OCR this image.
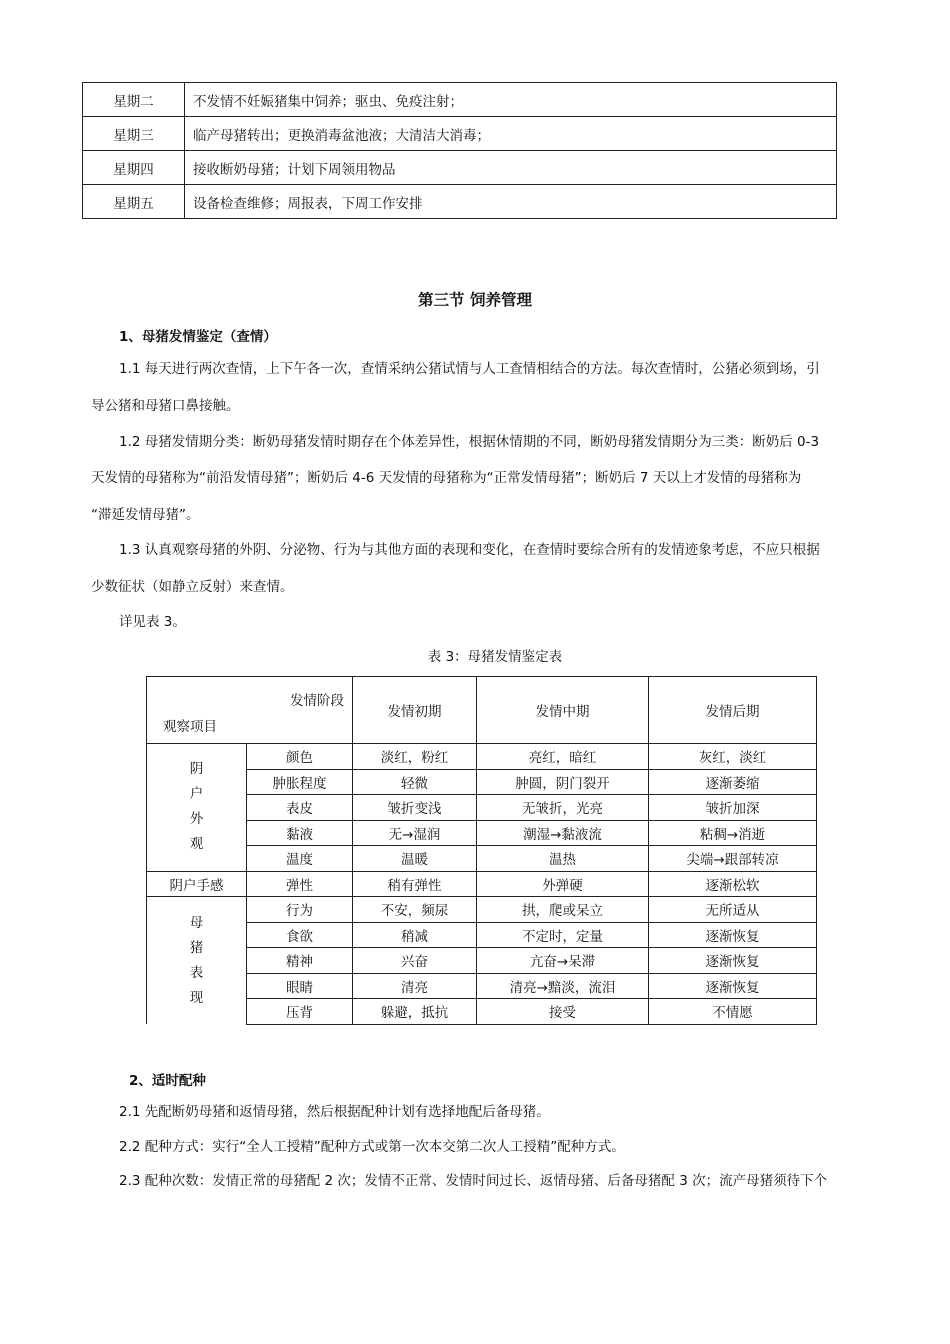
星期二	不发情不妊娠猪集中饲养；驱虫、免疫注射；
星期三	临产母猪转出；更换消毒盆池液；大清洁大消毒；
星期四	接收断奶母猪；计划下周领用物品
星期五	设备检查维修；周报表，下周工作安排
第三节 饲养管理
1、母猪发情鉴定（查情）
1.1 每天进行两次查情，上下午各一次，查情采纳公猪试情与人工查情相结合的方法。每次查情时，公猪必须到场，引
导公猪和母猪口鼻接触。
1.2 母猪发情期分类：断奶母猪发情时期存在个体差异性，根据休情期的不同，断奶母猪发情期分为三类：断奶后 0-3
天发情的母猪称为“前沿发情母猪”；断奶后 4-6 天发情的母猪称为“正常发情母猪”；断奶后 7 天以上才发情的母猪称为
“滞延发情母猪”。
1.3 认真观察母猪的外阴、分泌物、行为与其他方面的表现和变化，在查情时要综合所有的发情迹象考虑，不应只根据
少数征状（如静立反射）来查情。
详见表 3。
表 3：母猪发情鉴定表
发情阶段
观察项目		发情初期	发情中期	发情后期

阴
户
外
观	颜色	淡红，粉红	亮红，暗红	灰红，淡红
	肿胀程度	轻微	肿圆，阴门裂开	逐渐萎缩
	表皮	皱折变浅	无皱折，光亮	皱折加深
	黏液	无→湿润	潮湿→黏液流	粘稠→消逝
	温度	温暖	温热	尖端→跟部转凉
阴户手感	弹性	稍有弹性	外弹硬	逐渐松软

母
猪
表
现	行为	不安，频尿	拱，爬或呆立	无所适从
	食欲	稍减	不定时，定量	逐渐恢复
	精神	兴奋	亢奋→呆滞	逐渐恢复
	眼睛	清亮	清亮→黯淡，流泪	逐渐恢复
	压背	躲避，抵抗	接受	不情愿
2、适时配种
2.1 先配断奶母猪和返情母猪，然后根据配种计划有选择地配后备母猪。
2.2 配种方式：实行“全人工授精”配种方式或第一次本交第二次人工授精”配种方式。
2.3 配种次数：发情正常的母猪配 2 次；发情不正常、发情时间过长、返情母猪、后备母猪配 3 次；流产母猪须待下个
